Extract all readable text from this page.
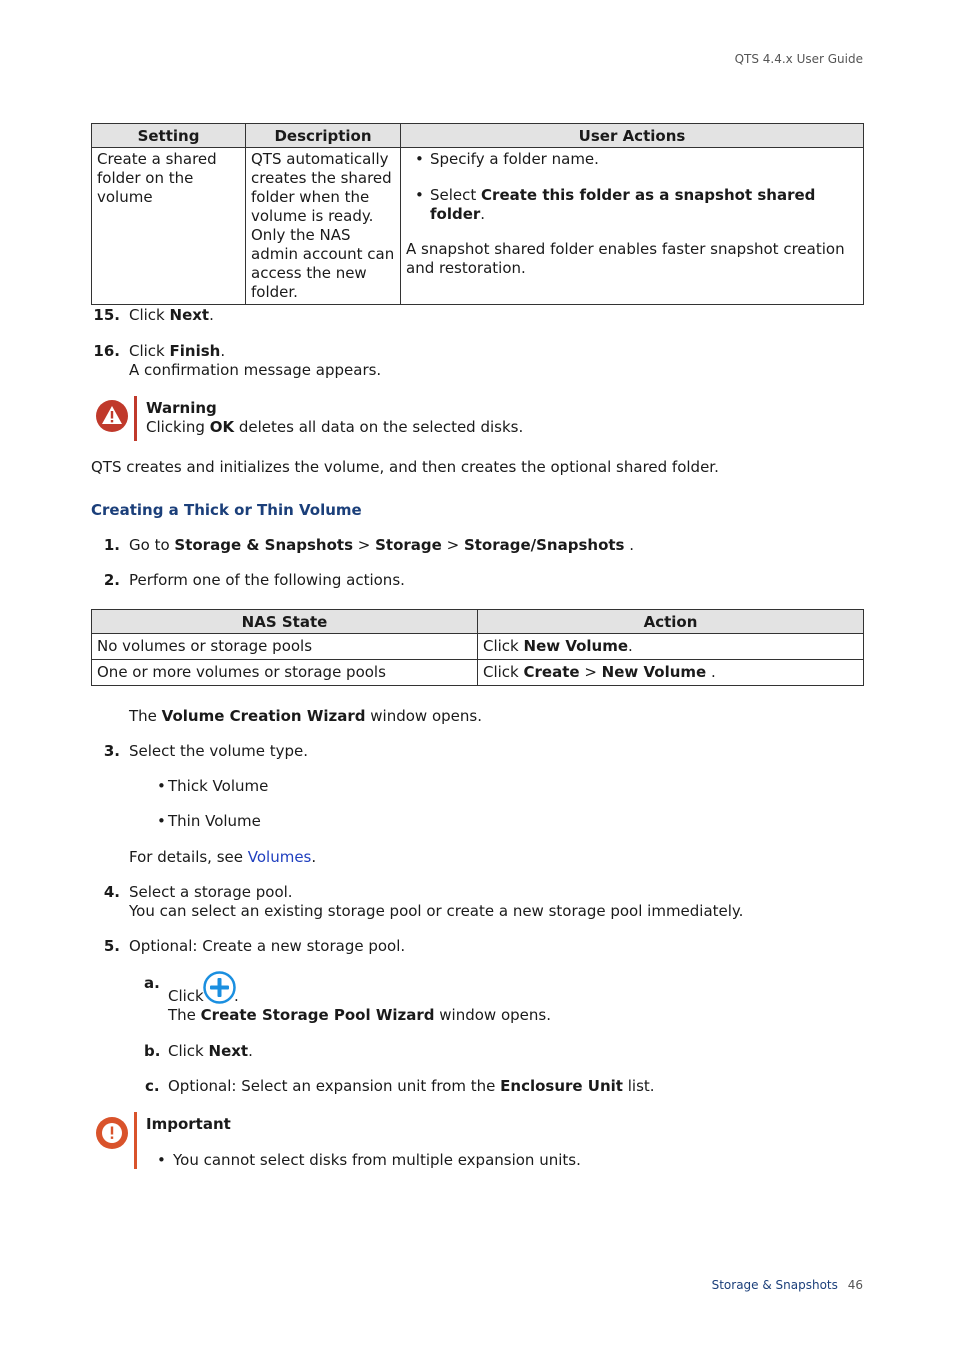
QTS 4.4.x User Guide
Setting	Description	User Actions
Create a shared folder on the volume	QTS automatically creates the shared folder when the volume is ready. Only the NAS admin account can access the new folder.	• Specify a folder name.
• Select Create this folder as a snapshot shared folder.
A snapshot shared folder enables faster snapshot creation and restoration.
15. Click Next.
16. Click Finish.
A confirmation message appears.
Warning
Clicking OK deletes all data on the selected disks.
QTS creates and initializes the volume, and then creates the optional shared folder.
Creating a Thick or Thin Volume
1. Go to Storage & Snapshots > Storage > Storage/Snapshots .
2. Perform one of the following actions.
NAS State	Action
No volumes or storage pools	Click New Volume.
One or more volumes or storage pools	Click Create > New Volume .
The Volume Creation Wizard window opens.
3. Select the volume type.
• Thick Volume
• Thin Volume
For details, see Volumes.
4. Select a storage pool.
You can select an existing storage pool or create a new storage pool immediately.
5. Optional: Create a new storage pool.
a.
Click .
The Create Storage Pool Wizard window opens.
b. Click Next.
c. Optional: Select an expansion unit from the Enclosure Unit list.
Important
• You cannot select disks from multiple expansion units.
Storage & Snapshots 46
